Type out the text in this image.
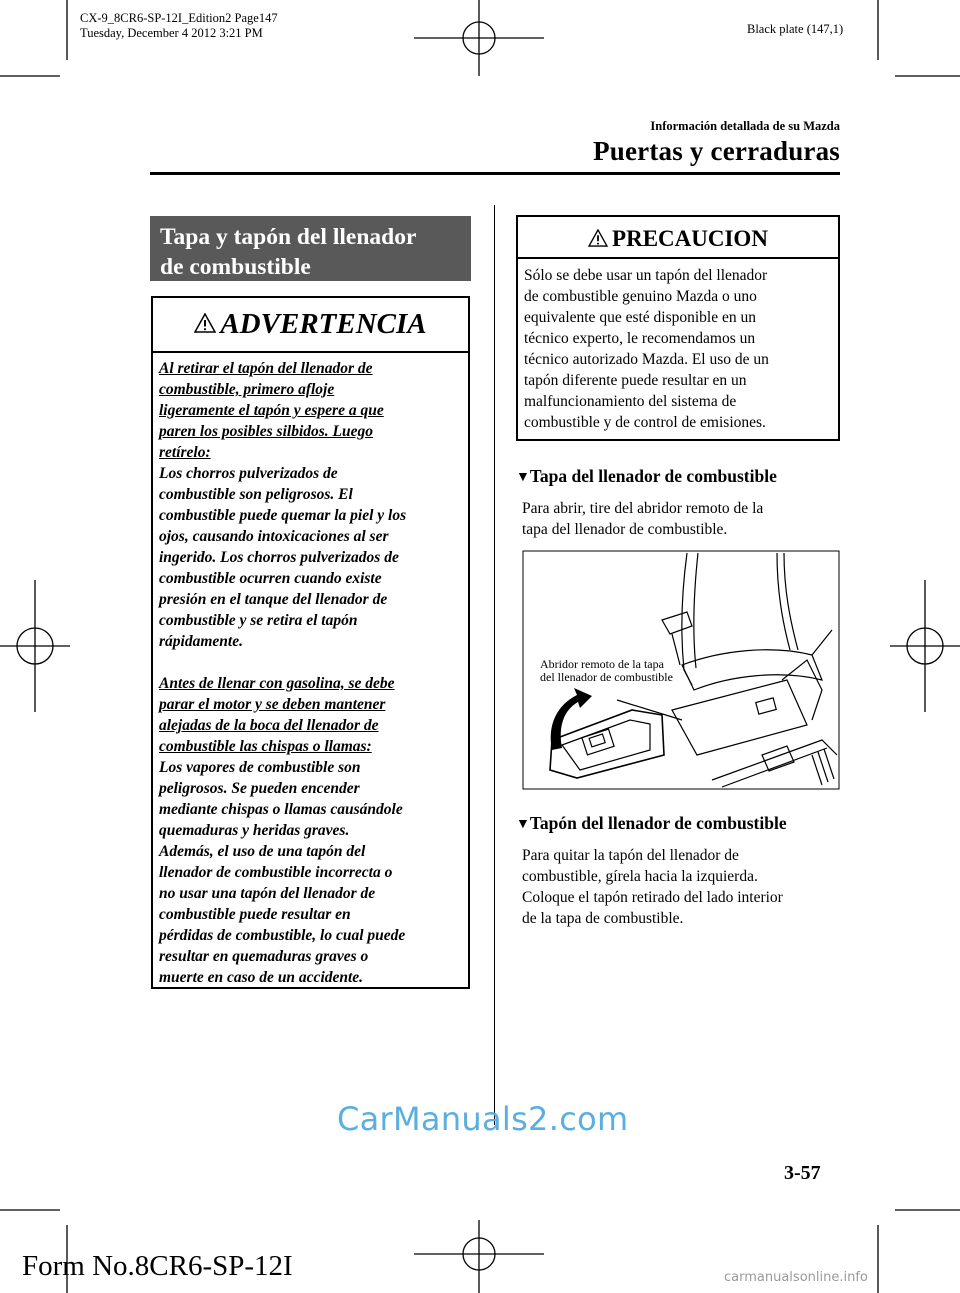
CX-9_8CR6-SP-12I_Edition2 Page147
Tuesday, December 4 2012 3:21 PM	Black plate (147,1)
Información detallada de su Mazda
Puertas y cerraduras
Tapa y tapón del llenador
de combustible
ADVERTENCIA
Al retirar el tapón del llenador de
combustible, primero afloje
ligeramente el tapón y espere a que
paren los posibles silbidos. Luego
retírelo:
Los chorros pulverizados de
combustible son peligrosos. El
combustible puede quemar la piel y los
ojos, causando intoxicaciones al ser
ingerido. Los chorros pulverizados de
combustible ocurren cuando existe
presión en el tanque del llenador de
combustible y se retira el tapón
rápidamente.
Antes de llenar con gasolina, se debe
parar el motor y se deben mantener
alejadas de la boca del llenador de
combustible las chispas o llamas:
Los vapores de combustible son
peligrosos. Se pueden encender
mediante chispas o llamas causándole
quemaduras y heridas graves.
Además, el uso de una tapón del
llenador de combustible incorrecta o
no usar una tapón del llenador de
combustible puede resultar en
pérdidas de combustible, lo cual puede
resultar en quemaduras graves o
muerte en caso de un accidente.
PRECAUCION
Sólo se debe usar un tapón del llenador
de combustible genuino Mazda o uno
equivalente que esté disponible en un
técnico experto, le recomendamos un
técnico autorizado Mazda. El uso de un
tapón diferente puede resultar en un
malfuncionamiento del sistema de
combustible y de control de emisiones.
▼Tapa del llenador de combustible
Para abrir, tire del abridor remoto de la
tapa del llenador de combustible.
Abridor remoto de la tapa
del llenador de combustible
▼Tapón del llenador de combustible
Para quitar la tapón del llenador de
combustible, gírela hacia la izquierda.
Coloque el tapón retirado del lado interior
de la tapa de combustible.
CarManuals2.com
3-57
Form No.8CR6-SP-12I	carmanualsonline.info
